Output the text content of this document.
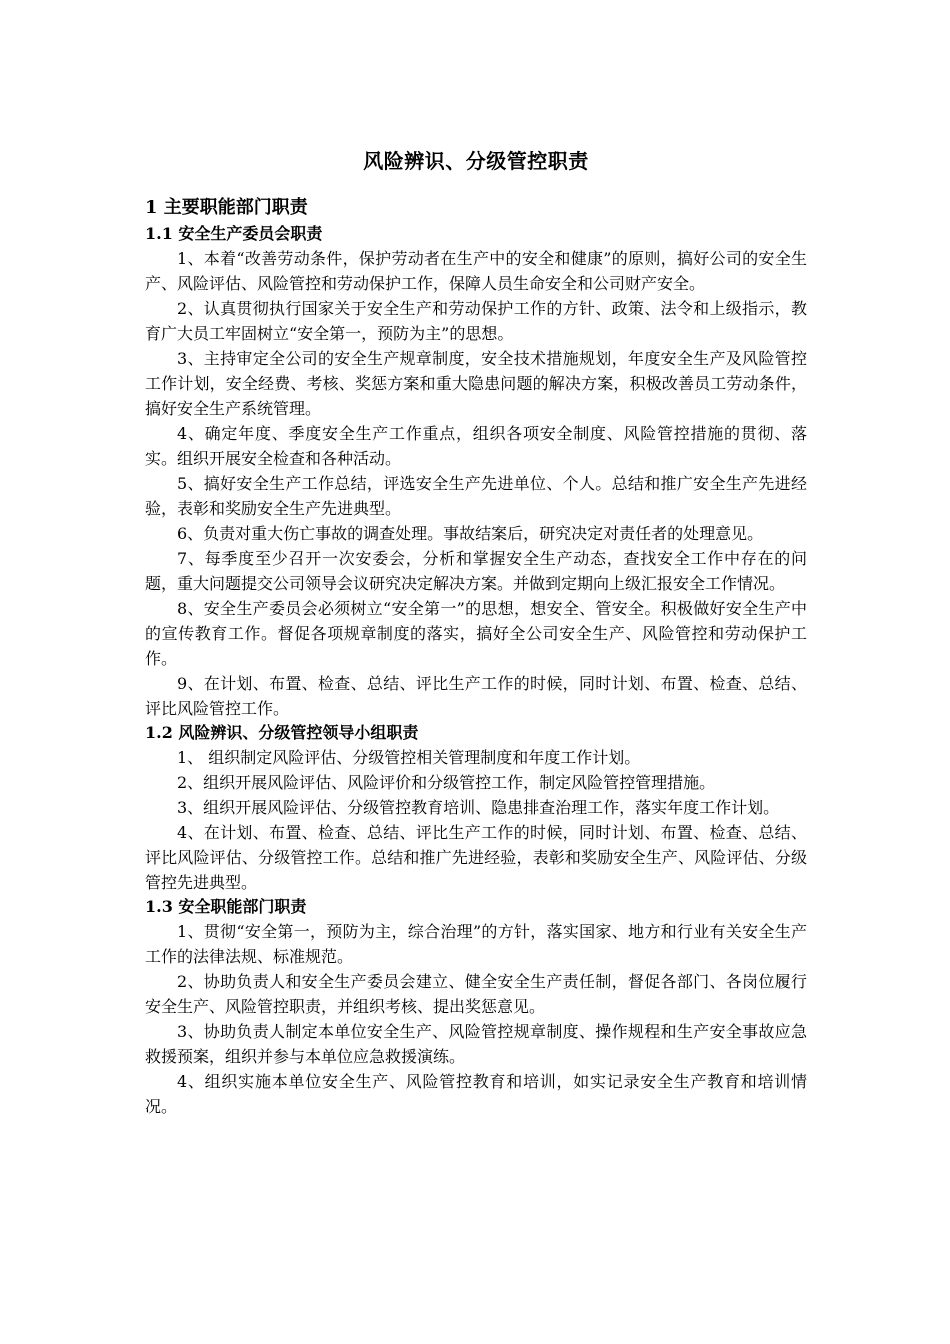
风险辨识、分级管控职责
1 主要职能部门职责
1.1 安全生产委员会职责

1、本着“改善劳动条件，保护劳动者在生产中的安全和健康”的原则，搞好公司的安全生产、风险评估、风险管控和劳动保护工作，保障人员生命安全和公司财产安全。

2、认真贯彻执行国家关于安全生产和劳动保护工作的方针、政策、法令和上级指示，教育广大员工牢固树立“安全第一，预防为主”的思想。

3、主持审定全公司的安全生产规章制度，安全技术措施规划，年度安全生产及风险管控工作计划，安全经费、考核、奖惩方案和重大隐患问题的解决方案，积极改善员工劳动条件，搞好安全生产系统管理。

4、确定年度、季度安全生产工作重点，组织各项安全制度、风险管控措施的贯彻、落实。组织开展安全检查和各种活动。

5、搞好安全生产工作总结，评选安全生产先进单位、个人。总结和推广安全生产先进经验，表彰和奖励安全生产先进典型。

6、负责对重大伤亡事故的调查处理。事故结案后，研究决定对责任者的处理意见。

7、每季度至少召开一次安委会，分析和掌握安全生产动态，查找安全工作中存在的问题，重大问题提交公司领导会议研究决定解决方案。并做到定期向上级汇报安全工作情况。

8、安全生产委员会必须树立“安全第一”的思想，想安全、管安全。积极做好安全生产中的宣传教育工作。督促各项规章制度的落实，搞好全公司安全生产、风险管控和劳动保护工作。

9、在计划、布置、检查、总结、评比生产工作的时候，同时计划、布置、检查、总结、评比风险管控工作。

1.2 风险辨识、分级管控领导小组职责

1、 组织制定风险评估、分级管控相关管理制度和年度工作计划。

2、组织开展风险评估、风险评价和分级管控工作，制定风险管控管理措施。

3、组织开展风险评估、分级管控教育培训、隐患排查治理工作，落实年度工作计划。

4、在计划、布置、检查、总结、评比生产工作的时候，同时计划、布置、检查、总结、评比风险评估、分级管控工作。总结和推广先进经验，表彰和奖励安全生产、风险评估、分级管控先进典型。

1.3 安全职能部门职责

1、贯彻“安全第一，预防为主，综合治理”的方针，落实国家、地方和行业有关安全生产工作的法律法规、标准规范。

2、协助负责人和安全生产委员会建立、健全安全生产责任制，督促各部门、各岗位履行安全生产、风险管控职责，并组织考核、提出奖惩意见。

3、协助负责人制定本单位安全生产、风险管控规章制度、操作规程和生产安全事故应急救援预案，组织并参与本单位应急救援演练。

4、组织实施本单位安全生产、风险管控教育和培训，如实记录安全生产教育和培训情况。
